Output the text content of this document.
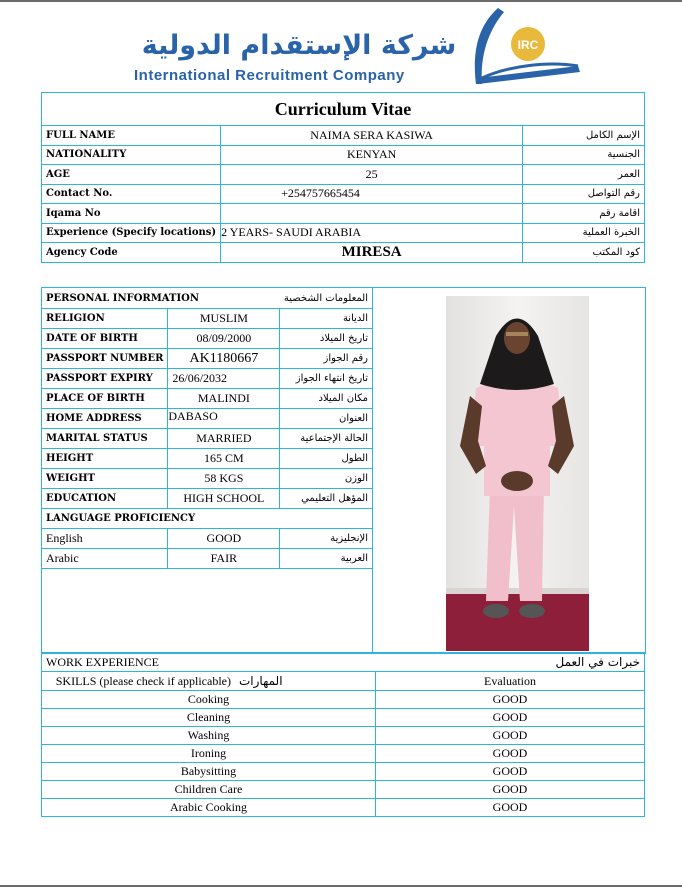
شركة الإستقدام الدولية
International Recruitment Company
IRC
Curriculum Vitae		
FULL NAME	NAIMA SERA KASIWA	الإسم الكامل
NATIONALITY	KENYAN	الجنسية
AGE	25	العمر
Contact No.	+254757665454	رقم التواصل
Iqama No		اقامة رقم
Experience (Specify locations)	2 YEARS- SAUDI ARABIA	الخبرة العملية
Agency Code	MIRESA	كود المكتب
PERSONAL INFORMATION		المعلومات الشخصية
RELIGION	MUSLIM	الديانة
DATE OF BIRTH	08/09/2000	تاريخ الميلاد
PASSPORT NUMBER	AK1180667	رقم الجواز
PASSPORT EXPIRY	26/06/2032	تاريخ انتهاء الجواز
PLACE OF BIRTH	MALINDI	مكان الميلاد
HOME ADDRESS	DABASO	العنوان
MARITAL STATUS	MARRIED	الحالة الإجتماعية
HEIGHT	165 CM	الطول
WEIGHT	58 KGS	الوزن
EDUCATION	HIGH SCHOOL	المؤهل التعليمي
LANGUAGE PROFICIENCY		
English	GOOD	الإنجليزية
Arabic	FAIR	العربية
WORK EXPERIENCE		خبرات في العمل
SKILLS (please check if applicable)	المهارات	Evaluation
Cooking		GOOD
Cleaning		GOOD
Washing		GOOD
Ironing		GOOD
Babysitting		GOOD
Children Care		GOOD
Arabic Cooking		GOOD
